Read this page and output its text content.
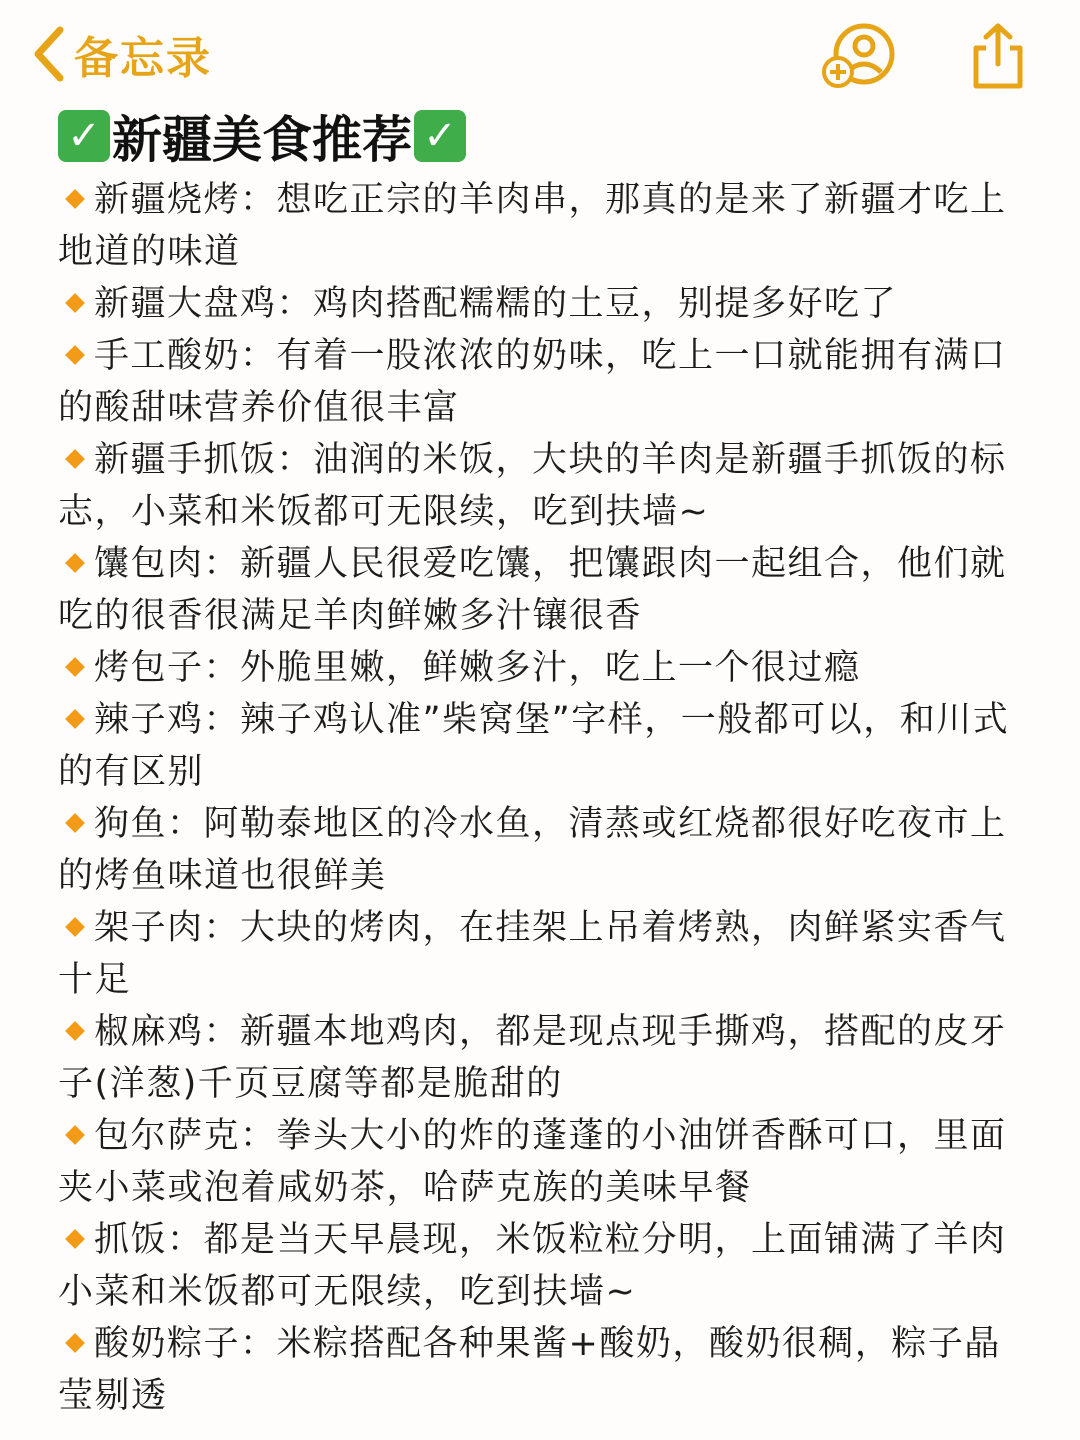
备忘录
✓ 新疆美食推荐 ✓
新疆烧烤：想吃正宗的羊肉串，那真的是来了新疆才吃上地道的味道
新疆大盘鸡：鸡肉搭配糯糯的土豆，别提多好吃了
手工酸奶：有着一股浓浓的奶味，吃上一口就能拥有满口的酸甜味营养价值很丰富
新疆手抓饭：油润的米饭，大块的羊肉是新疆手抓饭的标志，小菜和米饭都可无限续，吃到扶墙~
馕包肉：新疆人民很爱吃馕，把馕跟肉一起组合，他们就吃的很香很满足羊肉鲜嫩多汁镶很香
烤包子：外脆里嫩，鲜嫩多汁，吃上一个很过瘾
辣子鸡：辣子鸡认准”柴窝堡”字样，一般都可以，和川式的有区别
狗鱼：阿勒泰地区的冷水鱼，清蒸或红烧都很好吃夜市上的烤鱼味道也很鲜美
架子肉：大块的烤肉，在挂架上吊着烤熟，肉鲜紧实香气十足
椒麻鸡：新疆本地鸡肉，都是现点现手撕鸡，搭配的皮牙子(洋葱)千页豆腐等都是脆甜的
包尔萨克：拳头大小的炸的蓬蓬的小油饼香酥可口，里面夹小菜或泡着咸奶茶，哈萨克族的美味早餐
抓饭：都是当天早晨现，米饭粒粒分明，上面铺满了羊肉小菜和米饭都可无限续，吃到扶墙~
酸奶粽子：米粽搭配各种果酱+酸奶，酸奶很稠，粽子晶莹剔透
